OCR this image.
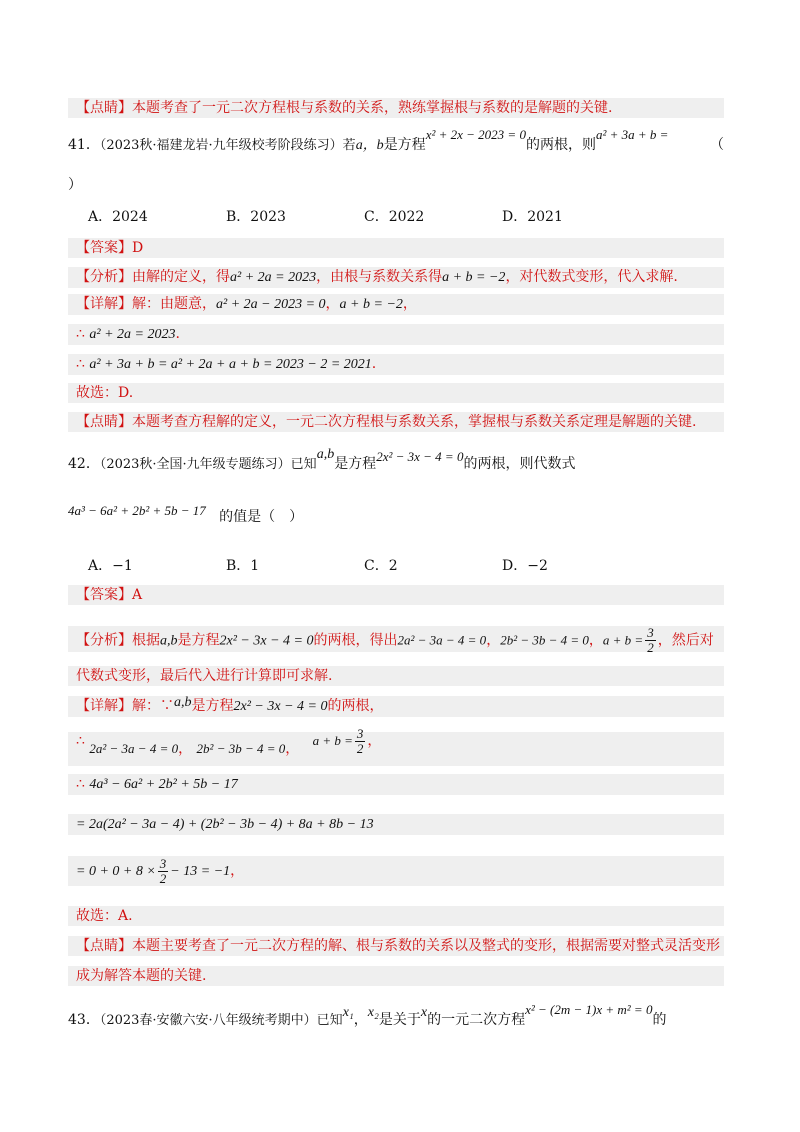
【点睛】本题考查了一元二次方程根与系数的关系，熟练掌握根与系数的是解题的关键.
41．（2023秋·福建龙岩·九年级校考阶段练习）若a，b是方程x² + 2x − 2023 = 0的两根，则a² + 3a + b =
（
）
A．2024	B．2023	C．2022	D．2021
【答案】D
【分析】由解的定义，得a² + 2a = 2023，由根与系数关系得a + b = −2，对代数式变形，代入求解.
【详解】解：由题意，a² + 2a − 2023 = 0，a + b = −2，
∴ a² + 2a = 2023.
∴ a² + 3a + b = a² + 2a + a + b = 2023 − 2 = 2021.
故选：D.
【点睛】本题考查方程解的定义，一元二次方程根与系数关系，掌握根与系数关系定理是解题的关键.
42．（2023秋·全国·九年级专题练习）已知a,b是方程2x² − 3x − 4 = 0的两根，则代数式
4a³ − 6a² + 2b² + 5b − 17 的值是（　）
A．−1	B．1	C．2	D．−2
【答案】A
【分析】根据a,b是方程2x² − 3x − 4 = 0的两根，得出2a² − 3a − 4 = 0，2b² − 3b − 4 = 0，$a + b = \frac{3}{2}$ ，然后对
代数式变形，最后代入进行计算即可求解.
【详解】解：∵a,b是方程2x² − 3x − 4 = 0的两根，
∴ 2a² − 3a − 4 = 0， 2b² − 3b − 4 = 0，   $a + b = \frac{3}{2}$ ，
∴ 4a³ − 6a² + 2b² + 5b − 17
= 2a(2a² − 3a − 4) + (2b² − 3b − 4) + 8a + 8b − 13
= $0 + 0 + 8 \times \frac{3}{2} - 13 = -1$，
故选：A.
【点睛】本题主要考查了一元二次方程的解、根与系数的关系以及整式的变形，根据需要对整式灵活变形
成为解答本题的关键.
43．（2023春·安徽六安·八年级统考期中）已知x₁，x₂是关于x的一元二次方程x² − (2m − 1)x + m² = 0的
